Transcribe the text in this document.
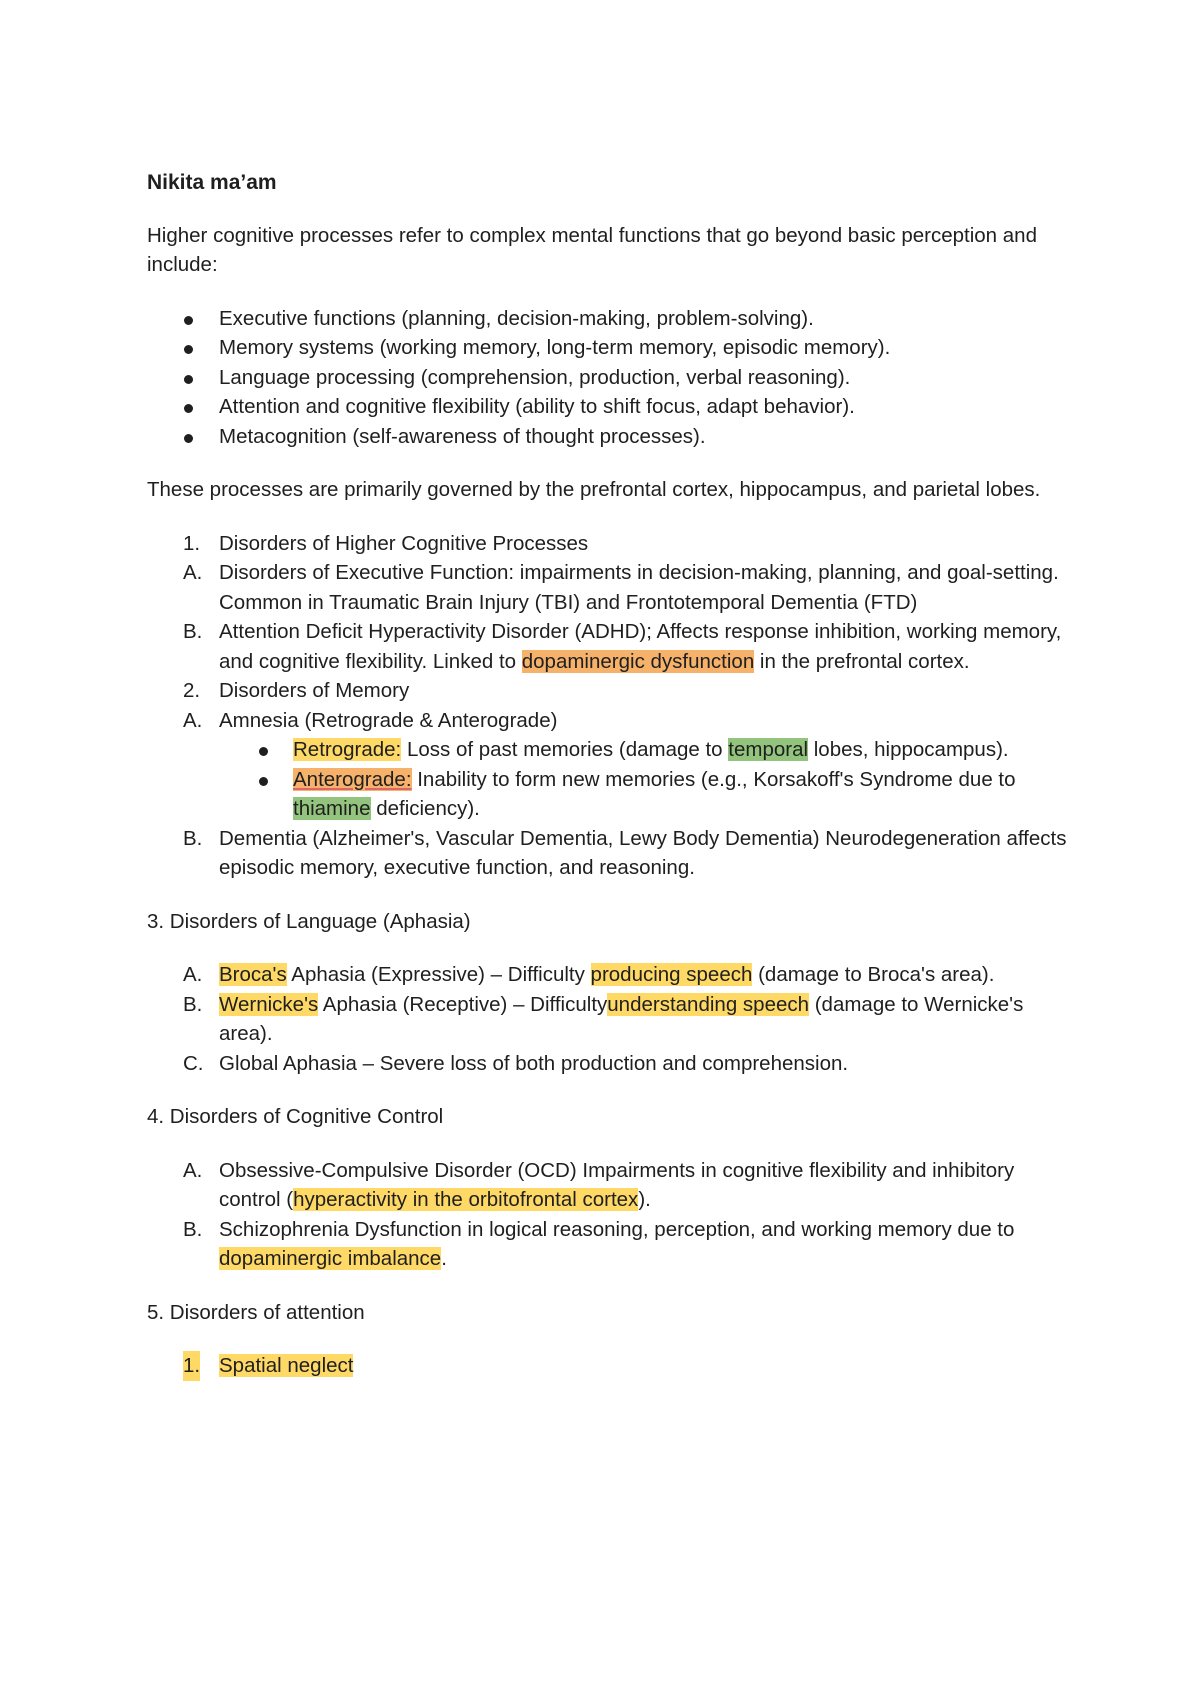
Nikita ma’am

Higher cognitive processes refer to complex mental functions that go beyond basic perception and include:

Executive functions (planning, decision-making, problem-solving).
Memory systems (working memory, long-term memory, episodic memory).
Language processing (comprehension, production, verbal reasoning).
Attention and cognitive flexibility (ability to shift focus, adapt behavior).
Metacognition (self-awareness of thought processes).

These processes are primarily governed by the prefrontal cortex, hippocampus, and parietal lobes.

1. Disorders of Higher Cognitive Processes
A. Disorders of Executive Function: impairments in decision-making, planning, and goal-setting. Common in Traumatic Brain Injury (TBI) and Frontotemporal Dementia (FTD)
B. Attention Deficit Hyperactivity Disorder (ADHD); Affects response inhibition, working memory, and cognitive flexibility. Linked to dopaminergic dysfunction in the prefrontal cortex.
2. Disorders of Memory
A. Amnesia (Retrograde & Anterograde)
Retrograde: Loss of past memories (damage to temporal lobes, hippocampus).
Anterograde: Inability to form new memories (e.g., Korsakoff's Syndrome due to thiamine deficiency).
B. Dementia (Alzheimer's, Vascular Dementia, Lewy Body Dementia) Neurodegeneration affects episodic memory, executive function, and reasoning.

3. Disorders of Language (Aphasia)

A. Broca's Aphasia (Expressive) – Difficulty producing speech (damage to Broca's area).
B. Wernicke's Aphasia (Receptive) – Difficultyunderstanding speech (damage to Wernicke's area).
C. Global Aphasia – Severe loss of both production and comprehension.

4. Disorders of Cognitive Control

A. Obsessive-Compulsive Disorder (OCD) Impairments in cognitive flexibility and inhibitory control (hyperactivity in the orbitofrontal cortex).
B. Schizophrenia Dysfunction in logical reasoning, perception, and working memory due to dopaminergic imbalance.

5. Disorders of attention

1. Spatial neglect
